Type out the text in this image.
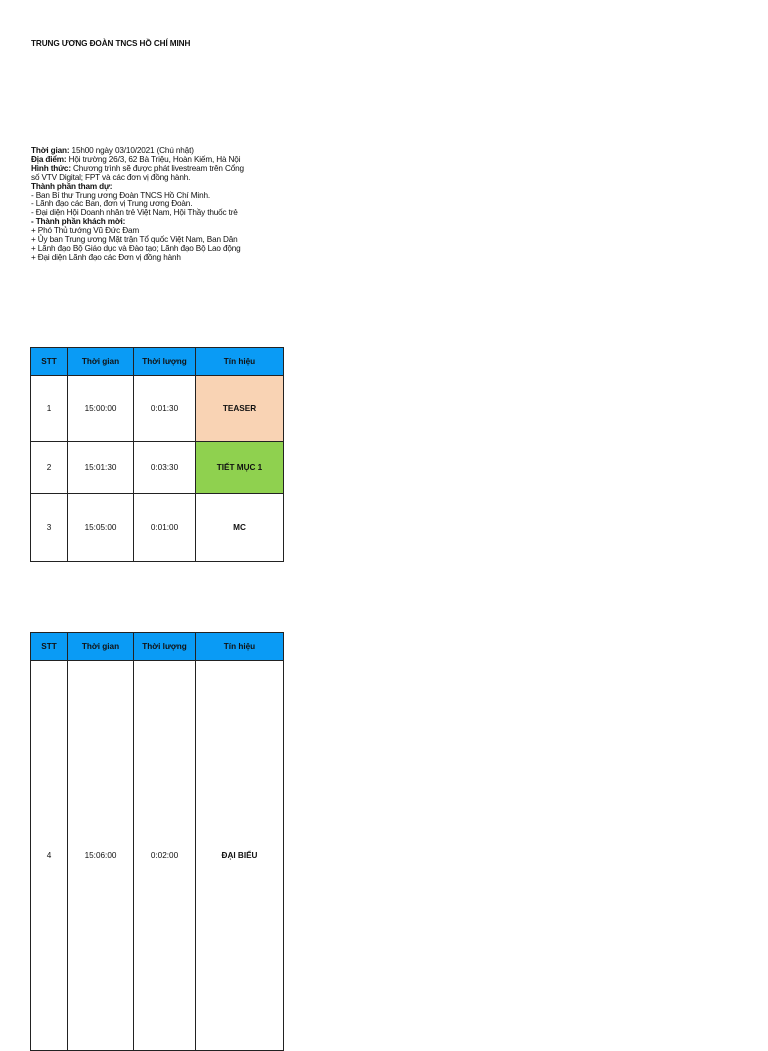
TRUNG ƯƠNG ĐOÀN TNCS HỒ CHÍ MINH
Thời gian: 15h00 ngày 03/10/2021 (Chủ nhật)
Địa điểm: Hội trường 26/3, 62 Bà Triệu, Hoàn Kiếm, Hà Nội
Hình thức: Chương trình sẽ được phát livestream trên Cổng
số VTV Digital; FPT và các đơn vị đồng hành.
Thành phần tham dự:
- Ban Bí thư Trung ương Đoàn TNCS Hồ Chí Minh.
- Lãnh đạo các Ban, đơn vị Trung ương Đoàn.
- Đại diện Hội Doanh nhân trẻ Việt Nam, Hội Thầy thuốc trẻ
- Thành phần khách mời:
+ Phó Thủ tướng Vũ Đức Đam
+ Ủy ban Trung ương Mặt trận Tổ quốc Việt Nam, Ban Dân
+ Lãnh đạo Bộ Giáo dục và Đào tạo; Lãnh đạo Bộ Lao động
+ Đại diện Lãnh đạo các Đơn vị đồng hành
STT	Thời gian	Thời lượng	Tín hiệu
1	15:00:00	0:01:30	TEASER
2	15:01:30	0:03:30	TIẾT MỤC 1
3	15:05:00	0:01:00	MC
STT	Thời gian	Thời lượng	Tín hiệu
4	15:06:00	0:02:00	ĐẠI BIỂU
